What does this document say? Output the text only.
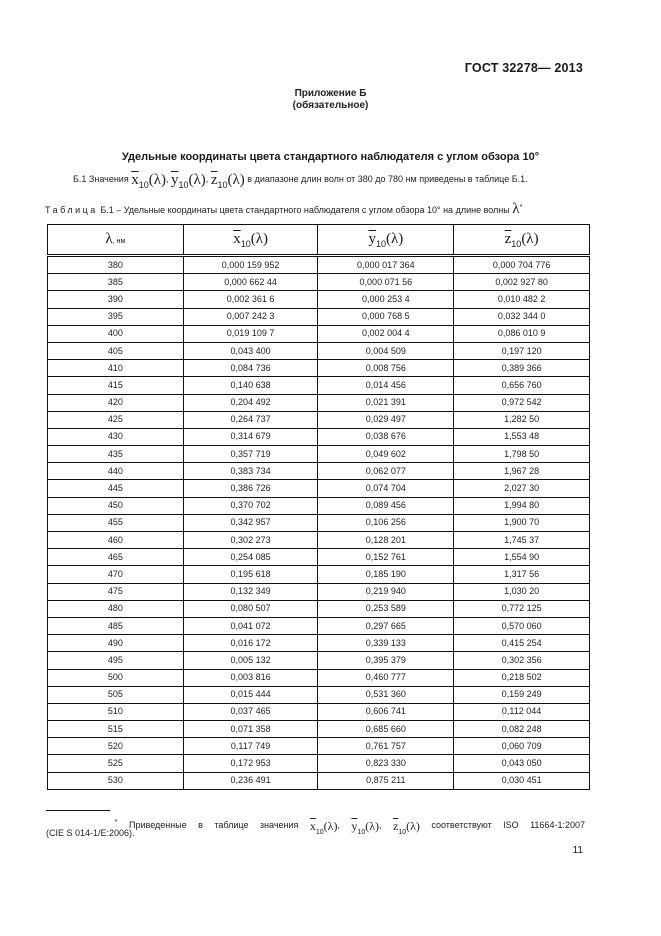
ГОСТ 32278— 2013
Приложение Б
(обязательное)
Удельные координаты цвета стандартного наблюдателя с углом обзора 10°
Б.1 Значения $\overline{x}_{10}(\lambda)$, $\overline{y}_{10}(\lambda)$, $\overline{z}_{10}(\lambda)$ в диапазоне длин волн от 380 до 780 нм приведены в таблице Б.1.
Таблица Б.1 – Удельные координаты цвета стандартного наблюдателя с углом обзора 10° на длине волны λ*
λ, нм	$\overline{x}_{10}(\lambda)$	$\overline{y}_{10}(\lambda)$	$\overline{z}_{10}(\lambda)$
380	0,000 159 952	0,000 017 364	0,000 704 776
385	0,000 662 44	0,000 071 56	0,002 927 80
390	0,002 361 6	0,000 253 4	0,010 482 2
395	0,007 242 3	0,000 768 5	0,032 344 0
400	0,019 109 7	0,002 004 4	0,086 010 9
405	0,043 400	0,004 509	0,197 120
410	0,084 736	0,008 756	0,389 366
415	0,140 638	0,014 456	0,656 760
420	0,204 492	0,021 391	0,972 542
425	0,264 737	0,029 497	1,282 50
430	0,314 679	0,038 676	1,553 48
435	0,357 719	0,049 602	1,798 50
440	0,383 734	0,062 077	1,967 28
445	0,386 726	0,074 704	2,027 30
450	0,370 702	0,089 456	1,994 80
455	0,342 957	0,106 256	1,900 70
460	0,302 273	0,128 201	1,745 37
465	0,254 085	0,152 761	1,554 90
470	0,195 618	0,185 190	1,317 56
475	0,132 349	0,219 940	1,030 20
480	0,080 507	0,253 589	0,772 125
485	0,041 072	0,297 665	0,570 060
490	0,016 172	0,339 133	0,415 254
495	0,005 132	0,395 379	0,302 356
500	0,003 816	0,460 777	0,218 502
505	0,015 444	0,531 360	0,159 249
510	0,037 465	0,606 741	0,112 044
515	0,071 358	0,685 660	0,082 248
520	0,117 749	0,761 757	0,060 709
525	0,172 953	0,823 330	0,043 050
530	0,236 491	0,875 211	0,030 451
* Приведенные в таблице значения $\overline{x}_{10}(\lambda)$, $\overline{y}_{10}(\lambda)$, $\overline{z}_{10}(\lambda)$ соответствуют ISO 11664-1:2007
(CIE S 014-1/E:2006).
11
